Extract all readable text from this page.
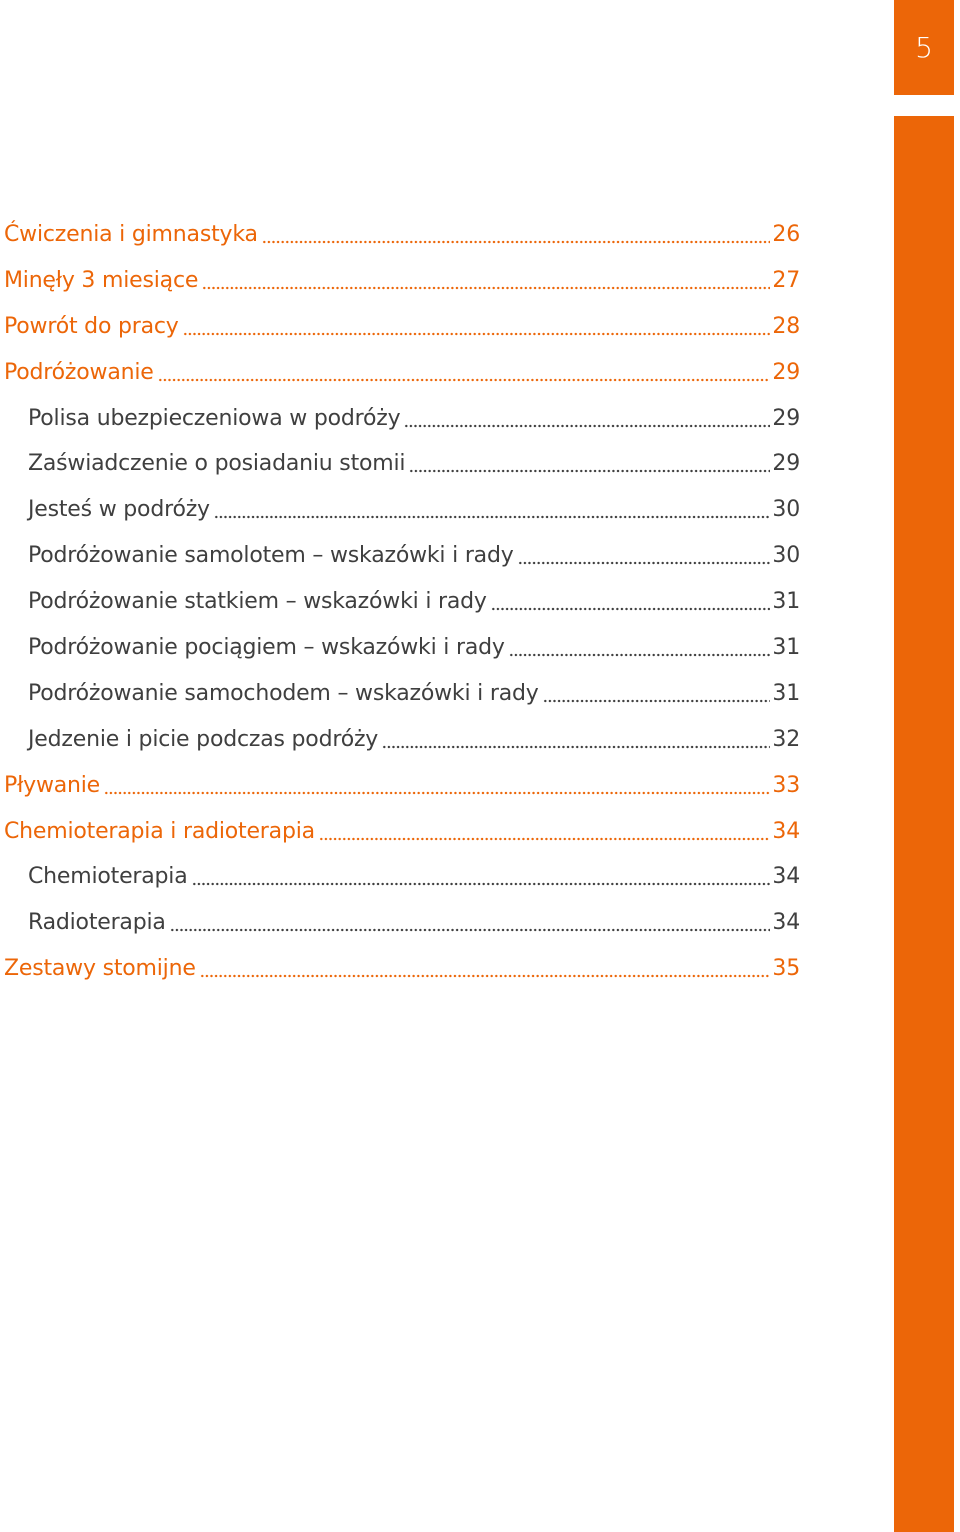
5
Ćwiczenia i gimnastyka	26
Minęły 3 miesiące	27
Powrót do pracy	28
Podróżowanie	29
Polisa ubezpieczeniowa w podróży	29
Zaświadczenie o posiadaniu stomii	29
Jesteś w podróży	30
Podróżowanie samolotem – wskazówki i rady	30
Podróżowanie statkiem – wskazówki i rady	31
Podróżowanie pociągiem – wskazówki i rady	31
Podróżowanie samochodem – wskazówki i rady	31
Jedzenie i picie podczas podróży	32
Pływanie	33
Chemioterapia i radioterapia	34
Chemioterapia	34
Radioterapia	34
Zestawy stomijne	35
